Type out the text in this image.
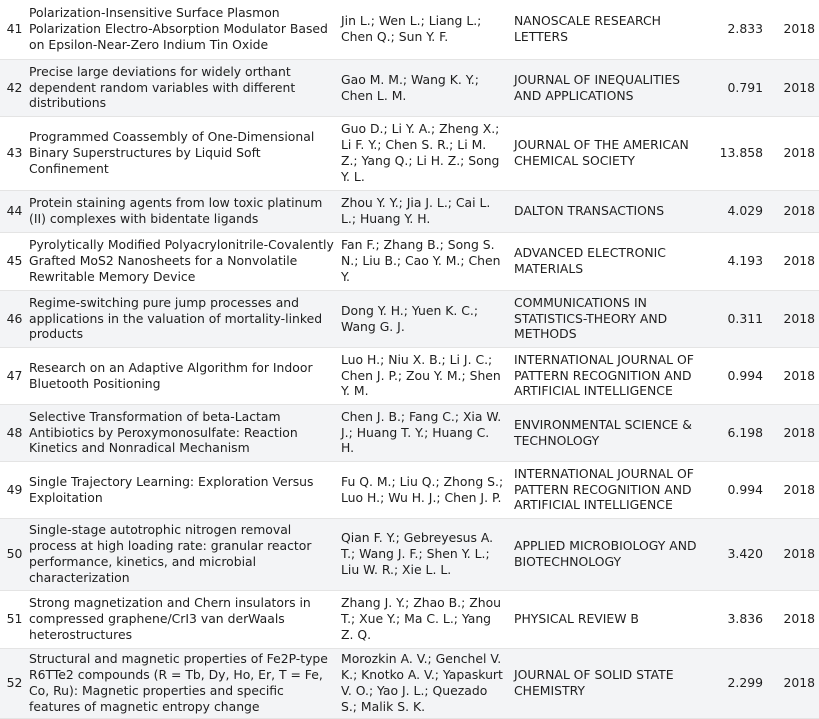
41	Polarization-Insensitive Surface Plasmon Polarization Electro-Absorption Modulator Based on Epsilon-Near-Zero Indium Tin Oxide	Jin L.; Wen L.; Liang L.; Chen Q.; Sun Y. F.	NANOSCALE RESEARCH LETTERS	2.833	2018
42	Precise large deviations for widely orthant dependent random variables with different distributions	Gao M. M.; Wang K. Y.; Chen L. M.	JOURNAL OF INEQUALITIES AND APPLICATIONS	0.791	2018
43	Programmed Coassembly of One-Dimensional Binary Superstructures by Liquid Soft Confinement	Guo D.; Li Y. A.; Zheng X.; Li F. Y.; Chen S. R.; Li M. Z.; Yang Q.; Li H. Z.; Song Y. L.	JOURNAL OF THE AMERICAN CHEMICAL SOCIETY	13.858	2018
44	Protein staining agents from low toxic platinum (II) complexes with bidentate ligands	Zhou Y. Y.; Jia J. L.; Cai L. L.; Huang Y. H.	DALTON TRANSACTIONS	4.029	2018
45	Pyrolytically Modified Polyacrylonitrile-Covalently Grafted MoS2 Nanosheets for a Nonvolatile Rewritable Memory Device	Fan F.; Zhang B.; Song S. N.; Liu B.; Cao Y. M.; Chen Y.	ADVANCED ELECTRONIC MATERIALS	4.193	2018
46	Regime-switching pure jump processes and applications in the valuation of mortality-linked products	Dong Y. H.; Yuen K. C.; Wang G. J.	COMMUNICATIONS IN STATISTICS-THEORY AND METHODS	0.311	2018
47	Research on an Adaptive Algorithm for Indoor Bluetooth Positioning	Luo H.; Niu X. B.; Li J. C.; Chen J. P.; Zou Y. M.; Shen Y. M.	INTERNATIONAL JOURNAL OF PATTERN RECOGNITION AND ARTIFICIAL INTELLIGENCE	0.994	2018
48	Selective Transformation of beta-Lactam Antibiotics by Peroxymonosulfate: Reaction Kinetics and Nonradical Mechanism	Chen J. B.; Fang C.; Xia W. J.; Huang T. Y.; Huang C. H.	ENVIRONMENTAL SCIENCE & TECHNOLOGY	6.198	2018
49	Single Trajectory Learning: Exploration Versus Exploitation	Fu Q. M.; Liu Q.; Zhong S.; Luo H.; Wu H. J.; Chen J. P.	INTERNATIONAL JOURNAL OF PATTERN RECOGNITION AND ARTIFICIAL INTELLIGENCE	0.994	2018
50	Single-stage autotrophic nitrogen removal process at high loading rate: granular reactor performance, kinetics, and microbial characterization	Qian F. Y.; Gebreyesus A. T.; Wang J. F.; Shen Y. L.; Liu W. R.; Xie L. L.	APPLIED MICROBIOLOGY AND BIOTECHNOLOGY	3.420	2018
51	Strong magnetization and Chern insulators in compressed graphene/CrI3 van derWaals heterostructures	Zhang J. Y.; Zhao B.; Zhou T.; Xue Y.; Ma C. L.; Yang Z. Q.	PHYSICAL REVIEW B	3.836	2018
52	Structural and magnetic properties of Fe2P-type R6TTe2 compounds (R = Tb, Dy, Ho, Er, T = Fe, Co, Ru): Magnetic properties and specific features of magnetic entropy change	Morozkin A. V.; Genchel V. K.; Knotko A. V.; Yapaskurt V. O.; Yao J. L.; Quezado S.; Malik S. K.	JOURNAL OF SOLID STATE CHEMISTRY	2.299	2018
